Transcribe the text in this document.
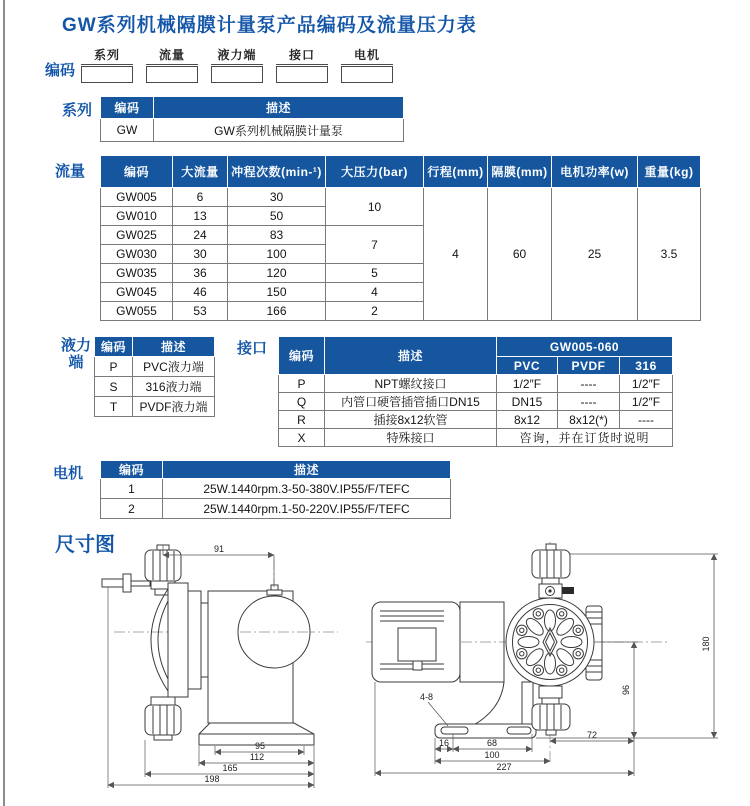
GW系列机械隔膜计量泵产品编码及流量压力表
编码
系列	流量	液力端	接口	电机
系列 编码	描述
GW	GW系列机械隔膜计量泵
流量	编码	大流量	冲程次数(min-¹)	大压力(bar)	行程(mm)	隔膜(mm)	电机功率(w)	重量(kg)
GW005	6	30	10	4	60	25	3.5
GW010	13	50					
GW025	24	83	7				
GW030	30	100					
GW035	36	120	5				
GW045	46	150	4				
GW055	53	166	2				
液力端
编码	描述
P	PVC液力端
S	316液力端
T	PVDF液力端
接口 编码	描述	GW005-060		
		PVC	PVDF	316
P	NPT螺纹接口	1/2″F	----	1/2″F
Q	内管口硬管插管插口DN15	DN15	----	1/2″F
R	插接8x12软管	8x12	8x12(*)	----
X	特殊接口	咨询，并在订货时说明		
电机	编码	描述
1	25W.1440rpm.3-50-380V.IP55/F/TEFC
2	25W.1440rpm.1-50-220V.IP55/F/TEFC
尺寸图	91
95
112
165
198
4-8
16	68
72
100
227
96
180
